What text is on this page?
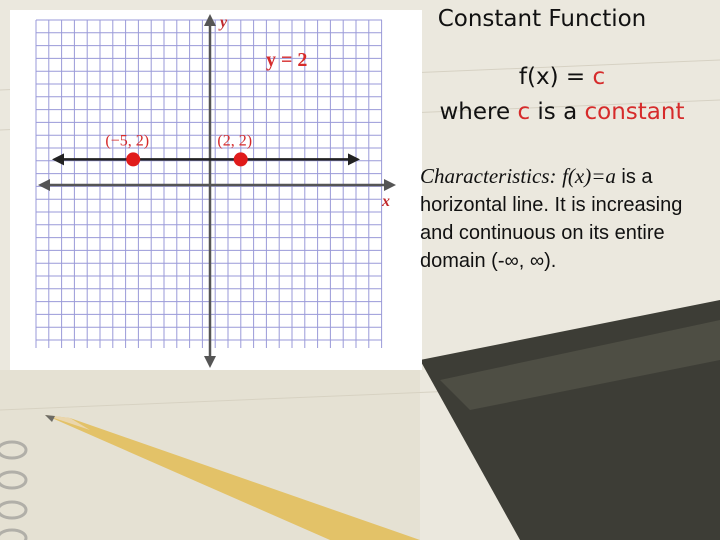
y
x
y = 2
(−5, 2)	(2, 2)
Constant Function
f(x) = c
where c is a constant
Characteristics: f(x)=a is a horizontal line. It is increasing and continuous on its entire domain (-∞, ∞).
